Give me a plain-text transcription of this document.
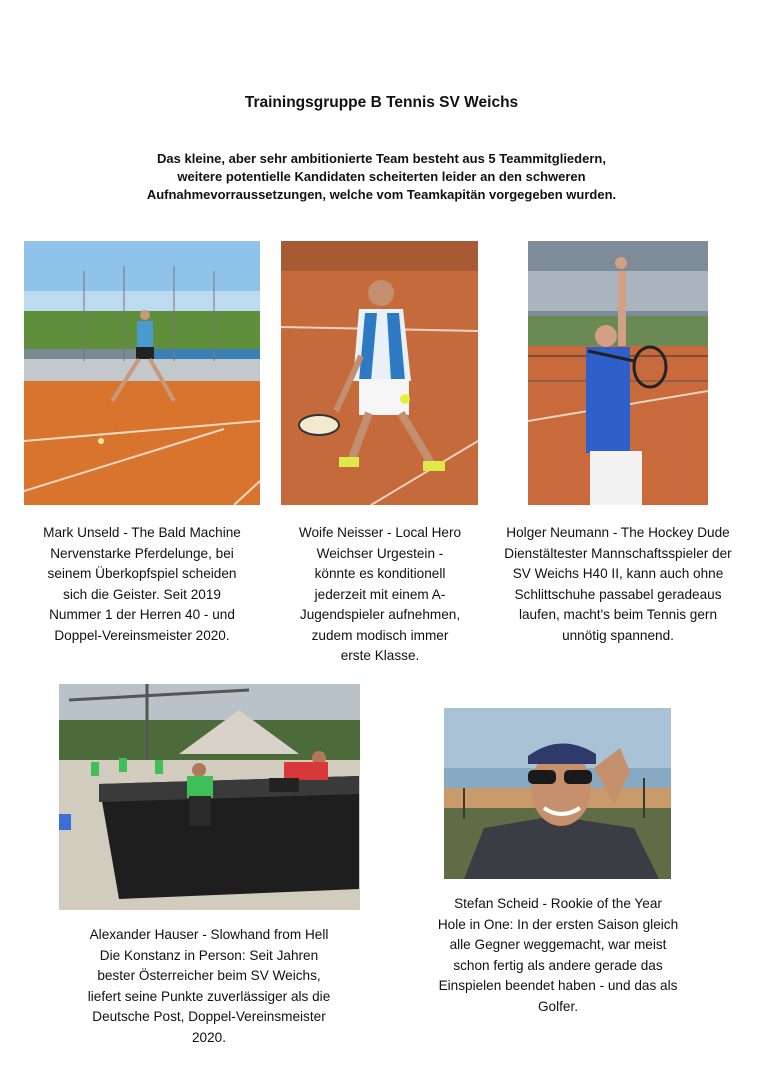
Trainingsgruppe B Tennis SV Weichs
Das kleine, aber sehr ambitionierte Team besteht aus 5 Teammitgliedern,
weitere potentielle Kandidaten scheiterten leider an den schweren
Aufnahmevorraussetzungen, welche vom Teamkapitän vorgegeben wurden.
Mark Unseld - The Bald Machine
Nervenstarke Pferdelunge, bei
seinem Überkopfspiel scheiden
sich die Geister. Seit 2019
Nummer 1 der Herren 40 - und
Doppel-Vereinsmeister 2020.
Woife Neisser - Local Hero
Weichser Urgestein -
könnte es konditionell
jederzeit mit einem A-
Jugendspieler aufnehmen,
zudem modisch immer
erste Klasse.
Holger Neumann - The Hockey Dude
Dienstältester Mannschaftsspieler der
SV Weichs H40 II, kann auch ohne
Schlittschuhe passabel geradeaus
laufen, macht's beim Tennis gern
unnötig spannend.
Alexander Hauser - Slowhand from Hell
Die Konstanz in Person: Seit Jahren
bester Österreicher beim SV Weichs,
liefert seine Punkte zuverlässiger als die
Deutsche Post, Doppel-Vereinsmeister
2020.
Stefan Scheid - Rookie of the Year
Hole in One: In der ersten Saison gleich
alle Gegner weggemacht, war meist
schon fertig als andere gerade das
Einspielen beendet haben - und das als
Golfer.
